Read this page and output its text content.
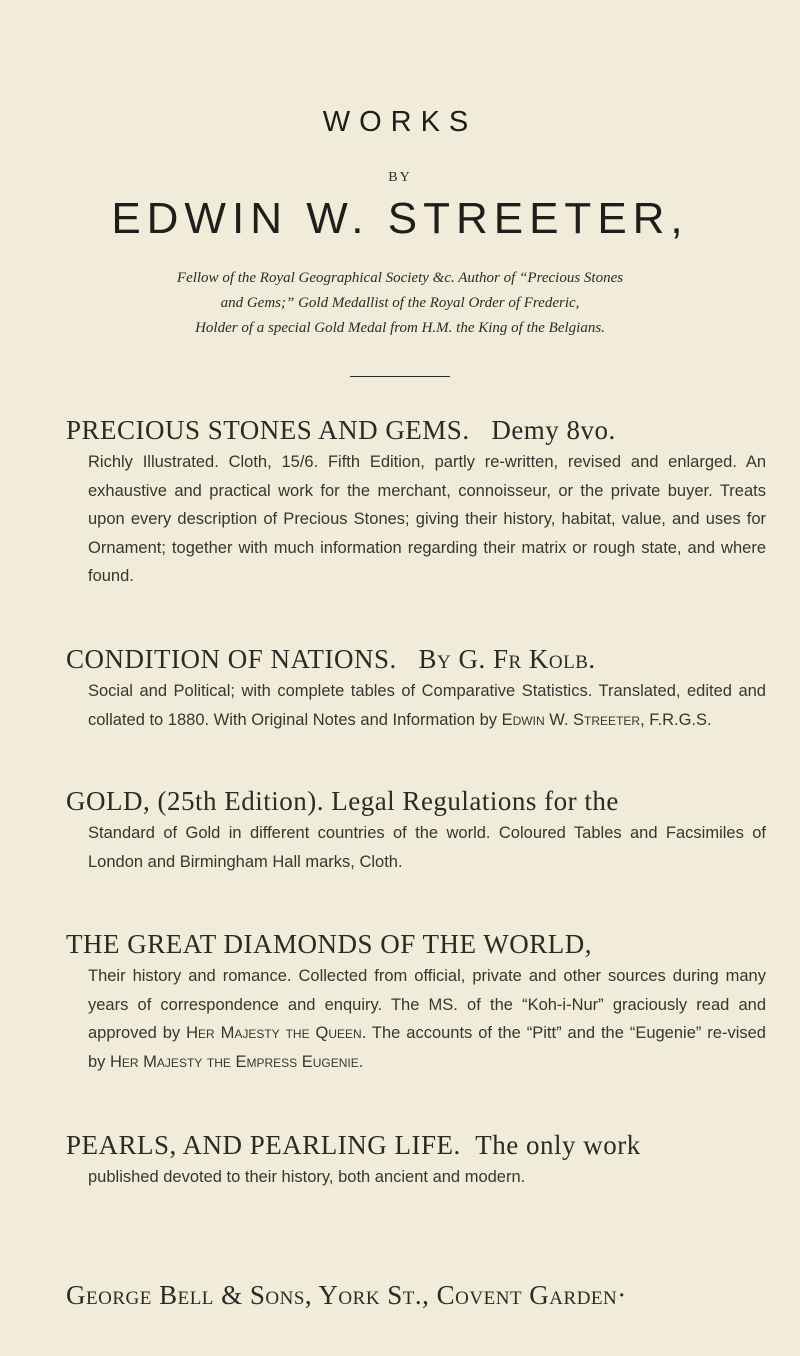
WORKS
BY
EDWIN W. STREETER,
Fellow of the Royal Geographical Society &c. Author of “Precious Stones
and Gems;” Gold Medallist of the Royal Order of Frederic,
Holder of a special Gold Medal from H.M. the King of the Belgians.
PRECIOUS STONES AND GEMS. Demy 8vo.
Richly Illustrated. Cloth, 15/6. Fifth Edition, partly re-written, revised and enlarged. An exhaustive and practical work for the merchant, connoisseur, or the private buyer. Treats upon every description of Precious Stones; giving their history, habitat, value, and uses for Ornament; together with much information regarding their matrix or rough state, and where found.
CONDITION OF NATIONS. By G. Fr Kolb.
Social and Political; with complete tables of Comparative Statistics. Translated, edited and collated to 1880. With Original Notes and Information by Edwin W. Streeter, F.R.G.S.
GOLD, (25th Edition). Legal Regulations for the
Standard of Gold in different countries of the world. Coloured Tables and Facsimiles of London and Birmingham Hall marks, Cloth.
THE GREAT DIAMONDS OF THE WORLD,
Their history and romance. Collected from official, private and other sources during many years of correspondence and enquiry. The MS. of the “Koh-i-Nur” graciously read and approved by Her Majesty the Queen. The accounts of the “Pitt” and the “Eugenie” re-vised by Her Majesty the Empress Eugenie.
PEARLS, AND PEARLING LIFE. The only work
published devoted to their history, both ancient and modern.
George Bell & Sons, York St., Covent Garden·
